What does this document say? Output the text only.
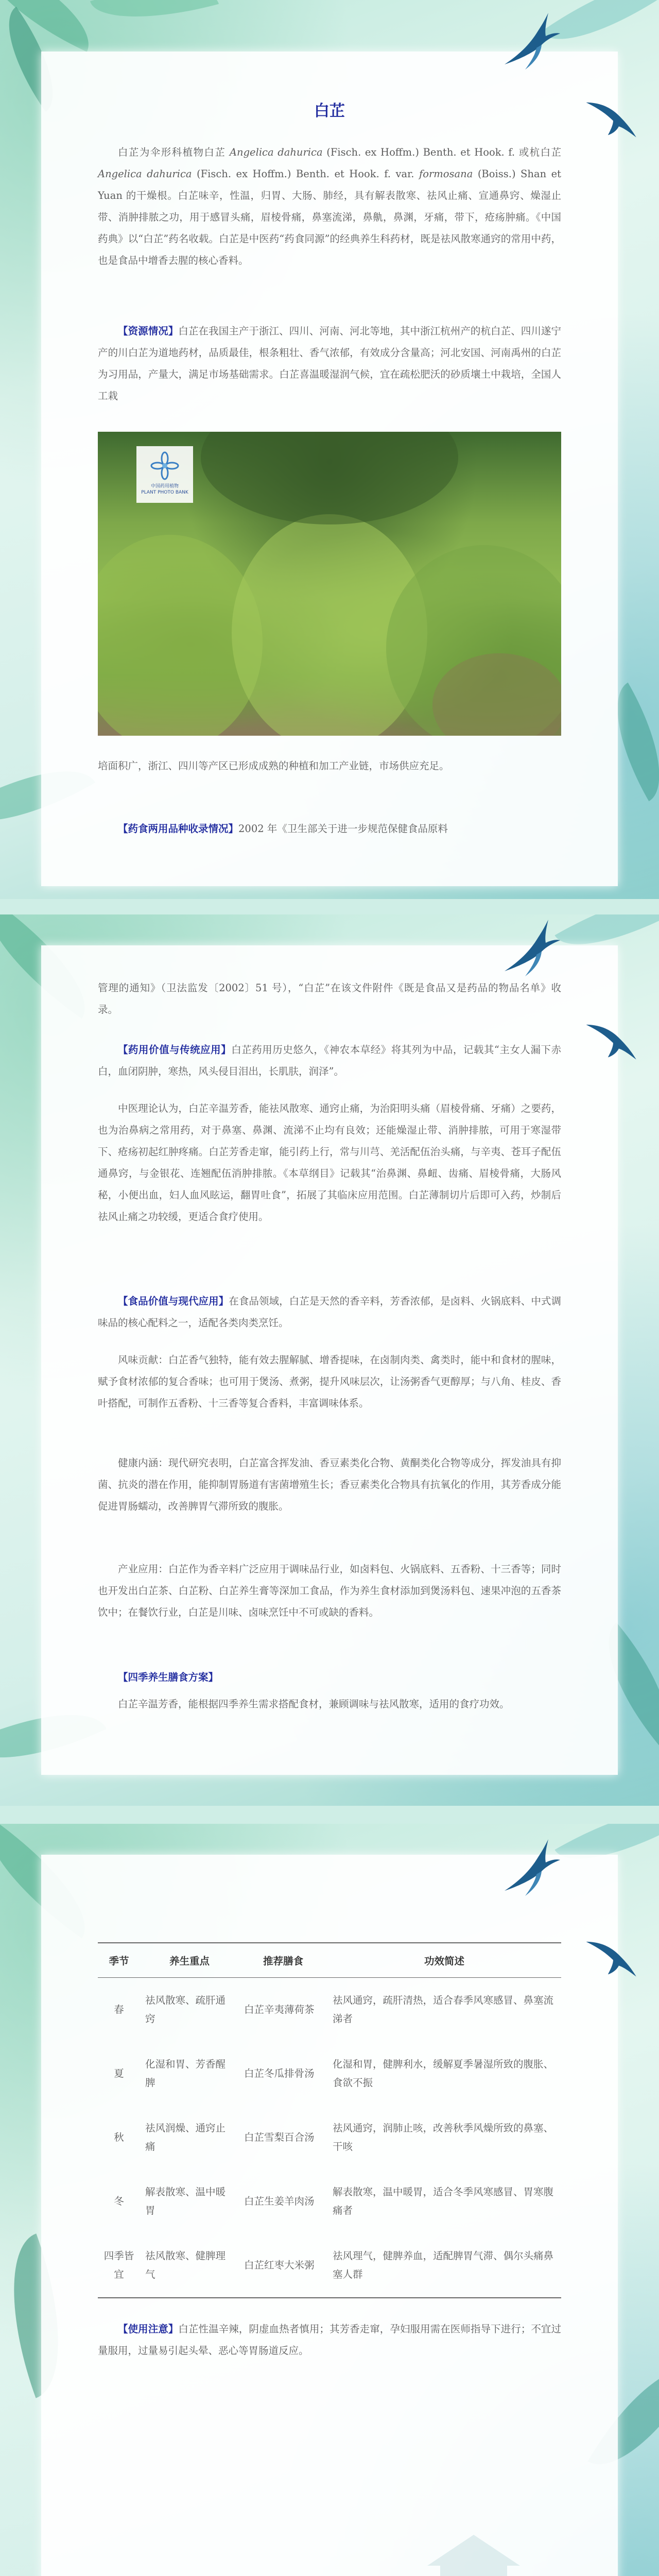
白芷

白芷为伞形科植物白芷 Angelica dahurica (Fisch. ex Hoffm.) Benth. et Hook. f. 或杭白芷 Angelica dahurica (Fisch. ex Hoffm.) Benth. et Hook. f. var. formosana (Boiss.) Shan et Yuan 的干燥根。白芷味辛，性温，归胃、大肠、肺经，具有解表散寒、祛风止痛、宣通鼻窍、燥湿止带、消肿排脓之功，用于感冒头痛，眉棱骨痛，鼻塞流涕，鼻鼽，鼻渊，牙痛，带下，疮疡肿痛。《中国药典》以“白芷”药名收载。白芷是中医药“药食同源”的经典养生科药材，既是祛风散寒通窍的常用中药，也是食品中增香去腥的核心香料。

【资源情况】白芷在我国主产于浙江、四川、河南、河北等地，其中浙江杭州产的杭白芷、四川遂宁产的川白芷为道地药材，品质最佳，根条粗壮、香气浓郁，有效成分含量高；河北安国、河南禹州的白芷为习用品，产量大，满足市场基础需求。白芷喜温暖湿润气候，宜在疏松肥沃的砂质壤土中栽培，全国人工栽

中国药用植物
PLANT PHOTO BANK

培面积广，浙江、四川等产区已形成成熟的种植和加工产业链，市场供应充足。

【药食两用品种收录情况】2002 年《卫生部关于进一步规范保健食品原料

管理的通知》（卫法监发〔2002〕51 号），“白芷”在该文件附件《既是食品又是药品的物品名单》收录。

【药用价值与传统应用】白芷药用历史悠久，《神农本草经》将其列为中品，记载其“主女人漏下赤白，血闭阴肿，寒热，风头侵目泪出，长肌肤，润泽”。

中医理论认为，白芷辛温芳香，能祛风散寒、通窍止痛，为治阳明头痛（眉棱骨痛、牙痛）之要药，也为治鼻病之常用药，对于鼻塞、鼻渊、流涕不止均有良效；还能燥湿止带、消肿排脓，可用于寒湿带下、疮疡初起红肿疼痛。白芷芳香走窜，能引药上行，常与川芎、羌活配伍治头痛，与辛夷、苍耳子配伍通鼻窍，与金银花、连翘配伍消肿排脓。《本草纲目》记载其“治鼻渊、鼻衄、齿痛、眉棱骨痛，大肠风秘，小便出血，妇人血风眩运，翻胃吐食”，拓展了其临床应用范围。白芷薄制切片后即可入药，炒制后祛风止痛之功较缓，更适合食疗使用。

【食品价值与现代应用】在食品领域，白芷是天然的香辛料，芳香浓郁，是卤料、火锅底料、中式调味品的核心配料之一，适配各类肉类烹饪。

风味贡献：白芷香气独特，能有效去腥解腻、增香提味，在卤制肉类、禽类时，能中和食材的腥味，赋予食材浓郁的复合香味；也可用于煲汤、煮粥，提升风味层次，让汤粥香气更醇厚；与八角、桂皮、香叶搭配，可制作五香粉、十三香等复合香料，丰富调味体系。

健康内涵：现代研究表明，白芷富含挥发油、香豆素类化合物、黄酮类化合物等成分，挥发油具有抑菌、抗炎的潜在作用，能抑制胃肠道有害菌增殖生长；香豆素类化合物具有抗氧化的作用，其芳香成分能促进胃肠蠕动，改善脾胃气滞所致的腹胀。

产业应用：白芷作为香辛料广泛应用于调味品行业，如卤料包、火锅底料、五香粉、十三香等；同时也开发出白芷茶、白芷粉、白芷养生膏等深加工食品，作为养生食材添加到煲汤料包、速果冲泡的五香茶饮中；在餐饮行业，白芷是川味、卤味烹饪中不可或缺的香料。

【四季养生膳食方案】

白芷辛温芳香，能根据四季养生需求搭配食材，兼顾调味与祛风散寒，适用的食疗功效。

季节	养生重点	推荐膳食	功效简述
春	祛风散寒、疏肝通窍	白芷辛夷薄荷茶	祛风通窍，疏肝清热，适合春季风寒感冒、鼻塞流涕者
夏	化湿和胃、芳香醒脾	白芷冬瓜排骨汤	化湿和胃，健脾利水，缓解夏季暑湿所致的腹胀、食欲不振
秋	祛风润燥、通窍止痛	白芷雪梨百合汤	祛风通窍，润肺止咳，改善秋季风燥所致的鼻塞、干咳
冬	解表散寒、温中暖胃	白芷生姜羊肉汤	解表散寒，温中暖胃，适合冬季风寒感冒、胃寒腹痛者
四季皆宜	祛风散寒、健脾理气	白芷红枣大米粥	祛风理气，健脾养血，适配脾胃气滞、偶尔头痛鼻塞人群

【使用注意】白芷性温辛辣，阴虚血热者慎用；其芳香走窜，孕妇服用需在医师指导下进行；不宜过量服用，过量易引起头晕、恶心等胃肠道反应。
